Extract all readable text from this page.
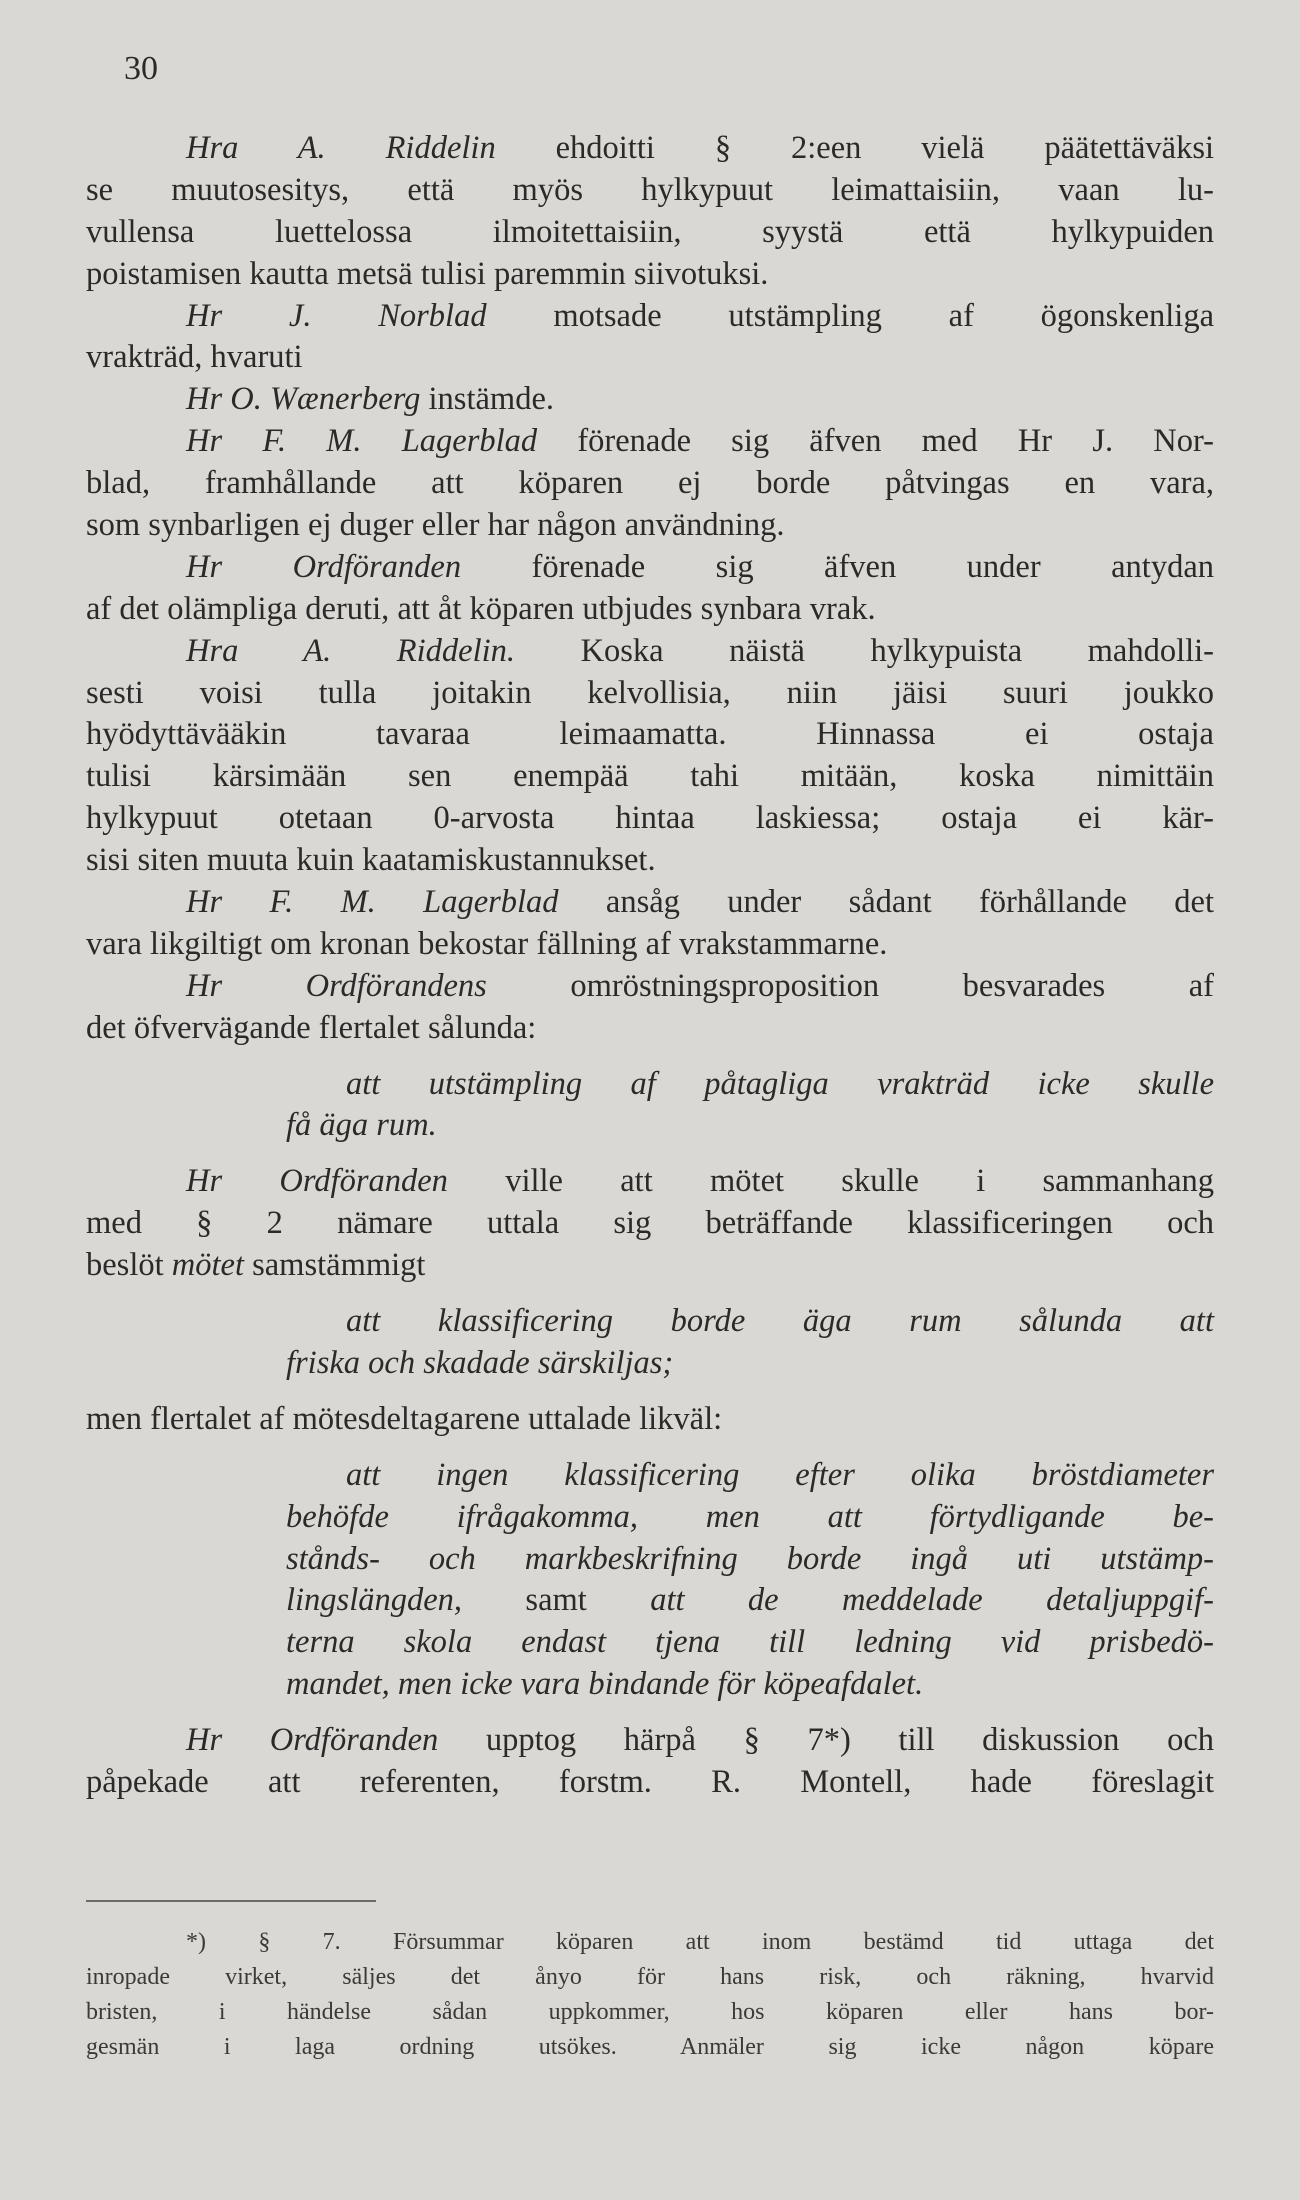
30
Hra A. Riddelin ehdoitti § 2:een vielä päätettäväksi
se muutosesitys, että myös hylkypuut leimattaisiin, vaan lu-
vullensa luettelossa ilmoitettaisiin, syystä että hylkypuiden
poistamisen kautta metsä tulisi paremmin siivotuksi.
Hr J. Norblad motsade utstämpling af ögonskenliga
vrakträd, hvaruti
Hr O. Wænerberg instämde.
Hr F. M. Lagerblad förenade sig äfven med Hr J. Nor-
blad, framhållande att köparen ej borde påtvingas en vara,
som synbarligen ej duger eller har någon användning.
Hr Ordföranden förenade sig äfven under antydan
af det olämpliga deruti, att åt köparen utbjudes synbara vrak.
Hra A. Riddelin. Koska näistä hylkypuista mahdolli-
sesti voisi tulla joitakin kelvollisia, niin jäisi suuri joukko
hyödyttävääkin tavaraa leimaamatta. Hinnassa ei ostaja
tulisi kärsimään sen enempää tahi mitään, koska nimittäin
hylkypuut otetaan 0-arvosta hintaa laskiessa; ostaja ei kär-
sisi siten muuta kuin kaatamiskustannukset.
Hr F. M. Lagerblad ansåg under sådant förhållande det
vara likgiltigt om kronan bekostar fällning af vrakstammarne.
Hr Ordförandens omröstningsproposition besvarades af
det öfvervägande flertalet sålunda:
att utstämpling af påtagliga vrakträd icke skulle
få äga rum.
Hr Ordföranden ville att mötet skulle i sammanhang
med § 2 nämare uttala sig beträffande klassificeringen och
beslöt mötet samstämmigt
att klassificering borde äga rum sålunda att
friska och skadade särskiljas;
men flertalet af mötesdeltagarene uttalade likväl:
att ingen klassificering efter olika bröstdiameter
behöfde ifrågakomma, men att förtydligande be-
stånds- och markbeskrifning borde ingå uti utstämp-
lingslängden, samt att de meddelade detaljuppgif-
terna skola endast tjena till ledning vid prisbedö-
mandet, men icke vara bindande för köpeafdalet.
Hr Ordföranden upptog härpå § 7*) till diskussion och
påpekade att referenten, forstm. R. Montell, hade föreslagit
*) § 7. Försummar köparen att inom bestämd tid uttaga det
inropade virket, säljes det ånyo för hans risk, och räkning, hvarvid
bristen, i händelse sådan uppkommer, hos köparen eller hans bor-
gesmän i laga ordning utsökes. Anmäler sig icke någon köpare
